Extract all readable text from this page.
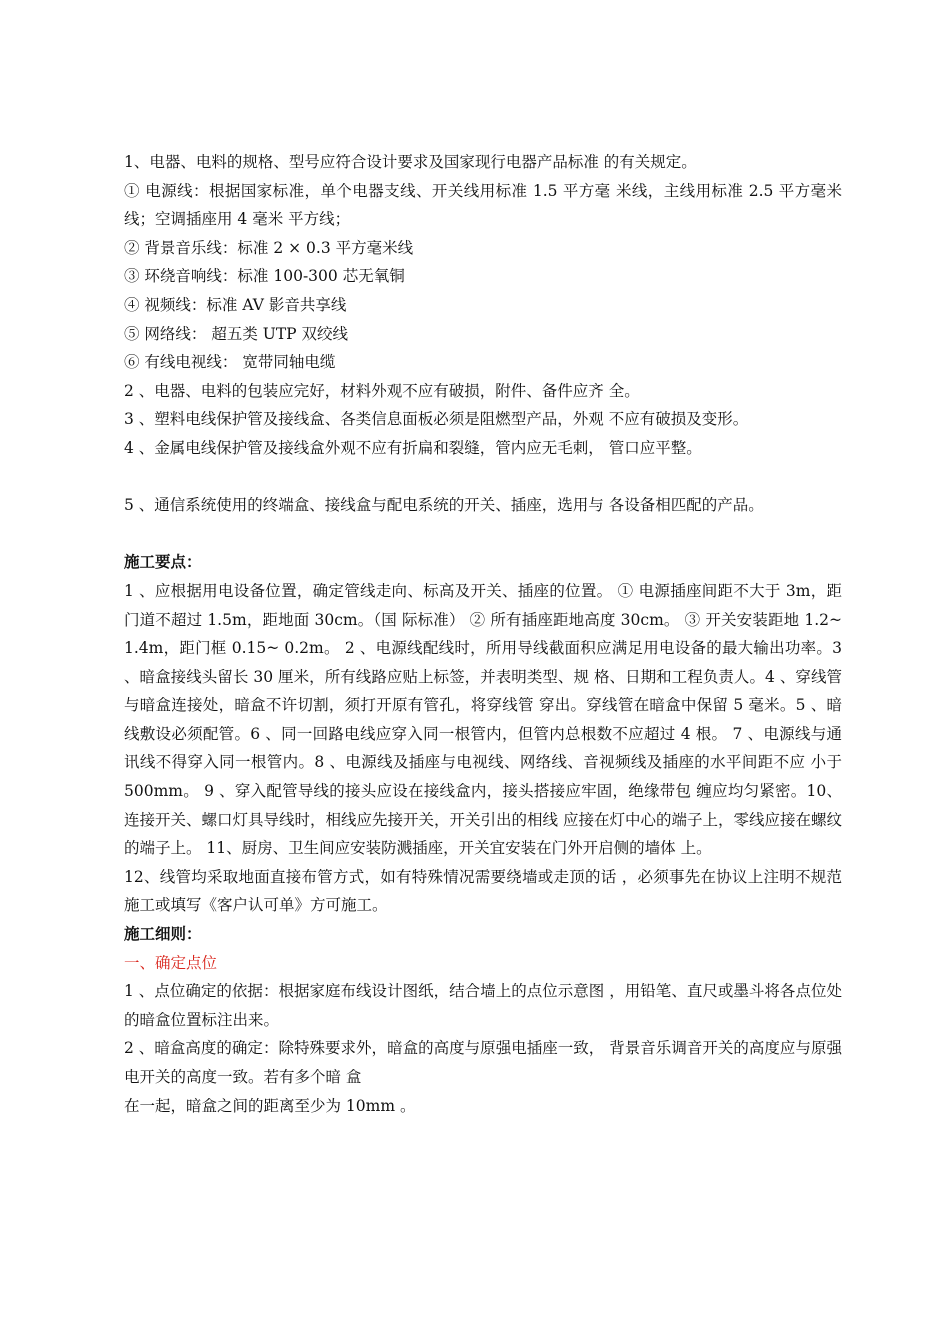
1、电器、电料的规格、型号应符合设计要求及国家现行电器产品标准 的有关规定。

① 电源线：根据国家标准，单个电器支线、开关线用标准 1.5 平方毫 米线，主线用标准 2.5 平方毫米线；空调插座用 4 毫米 平方线；

② 背景音乐线：标准 2 × 0.3 平方毫米线

③ 环绕音响线：标准 100-300 芯无氧铜

④ 视频线：标准 AV 影音共享线

⑤ 网络线： 超五类 UTP 双绞线

⑥ 有线电视线： 宽带同轴电缆

2 、电器、电料的包装应完好，材料外观不应有破损，附件、备件应齐 全。

3 、塑料电线保护管及接线盒、各类信息面板必须是阻燃型产品，外观 不应有破损及变形。

4 、金属电线保护管及接线盒外观不应有折扁和裂缝，管内应无毛刺， 管口应平整。

5 、通信系统使用的终端盒、接线盒与配电系统的开关、插座，选用与 各设备相匹配的产品。

施工要点：

1 、应根据用电设备位置，确定管线走向、标高及开关、插座的位置。 ① 电源插座间距不大于 3m，距门道不超过 1.5m，距地面 30cm。（国 际标准） ② 所有插座距地高度 30cm。 ③ 开关安装距地 1.2~ 1.4m，距门框 0.15~ 0.2m。 2 、电源线配线时，所用导线截面积应满足用电设备的最大输出功率。3 、暗盒接线头留长 30 厘米，所有线路应贴上标签，并表明类型、规 格、日期和工程负责人。4 、穿线管与暗盒连接处，暗盒不许切割，须打开原有管孔，将穿线管 穿出。穿线管在暗盒中保留 5 毫米。5 、暗线敷设必须配管。6 、同一回路电线应穿入同一根管内，但管内总根数不应超过 4 根。 7 、电源线与通讯线不得穿入同一根管内。8 、电源线及插座与电视线、网络线、音视频线及插座的水平间距不应 小于 500mm。 9 、穿入配管导线的接头应设在接线盒内，接头搭接应牢固，绝缘带包 缠应均匀紧密。10、连接开关、螺口灯具导线时，相线应先接开关，开关引出的相线 应接在灯中心的端子上，零线应接在螺纹的端子上。 11、厨房、卫生间应安装防溅插座，开关宜安装在门外开启侧的墙体 上。

12、线管均采取地面直接布管方式，如有特殊情况需要绕墙或走顶的话 ，必须事先在协议上注明不规范施工或填写《客户认可单》方可施工。

施工细则：

一、确定点位

1 、点位确定的依据：根据家庭布线设计图纸，结合墙上的点位示意图 ，用铅笔、直尺或墨斗将各点位处的暗盒位置标注出来。

2 、暗盒高度的确定：除特殊要求外，暗盒的高度与原强电插座一致， 背景音乐调音开关的高度应与原强电开关的高度一致。若有多个暗 盒

在一起，暗盒之间的距离至少为 10mm 。
